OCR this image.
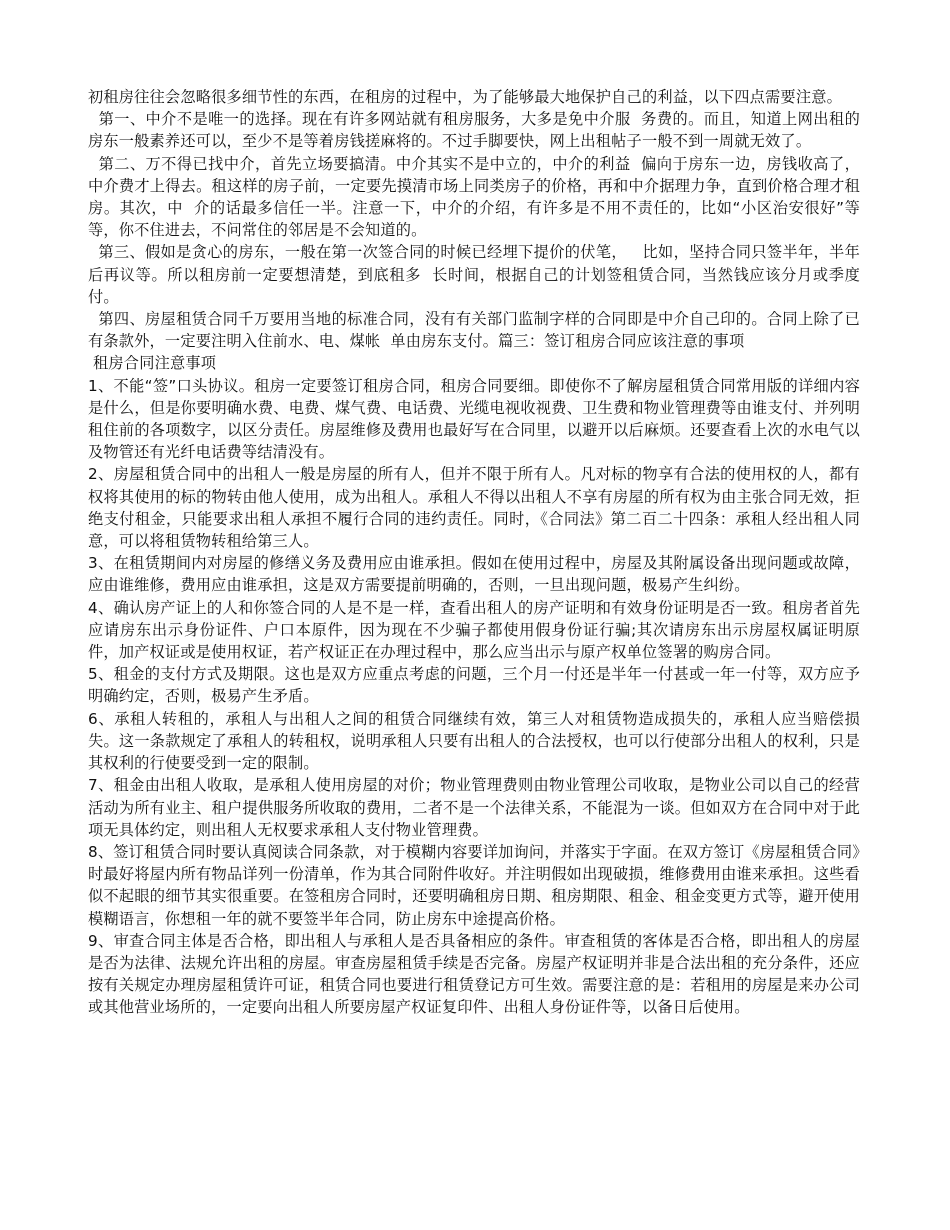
初租房往往会忽略很多细节性的东西，在租房的过程中，为了能够最大地保护自己的利益，以下四点需要注意。

第一、中介不是唯一的选择。现在有许多网站就有租房服务，大多是免中介服  务费的。而且，知道上网出租的房东一般素养还可以，至少不是等着房钱搓麻将的。不过手脚要快，网上出租帖子一般不到一周就无效了。

第二、万不得已找中介，首先立场要搞清。中介其实不是中立的，中介的利益  偏向于房东一边，房钱收高了，中介费才上得去。租这样的房子前，一定要先摸清市场上同类房子的价格，再和中介据理力争，直到价格合理才租房。其次，中  介的话最多信任一半。注意一下，中介的介绍，有许多是不用不责任的，比如“小区治安很好”等等，你不住进去，不问常住的邻居是不会知道的。

第三、假如是贪心的房东，一般在第一次签合同的时候已经埋下提价的伏笔，   比如，坚持合同只签半年，半年后再议等。所以租房前一定要想清楚，到底租多  长时间，根据自己的计划签租赁合同，当然钱应该分月或季度付。

第四、房屋租赁合同千万要用当地的标准合同，没有有关部门监制字样的合同即是中介自己印的。合同上除了已有条款外，一定要注明入住前水、电、煤帐  单由房东支付。篇三：签订租房合同应该注意的事项

租房合同注意事项

1、不能“签”口头协议。租房一定要签订租房合同，租房合同要细。即使你不了解房屋租赁合同常用版的详细内容是什么，但是你要明确水费、电费、煤气费、电话费、光缆电视收视费、卫生费和物业管理费等由谁支付、并列明租住前的各项数字，以区分责任。房屋维修及费用也最好写在合同里，以避开以后麻烦。还要查看上次的水电气以及物管还有光纤电话费等结清没有。

2、房屋租赁合同中的出租人一般是房屋的所有人，但并不限于所有人。凡对标的物享有合法的使用权的人，都有权将其使用的标的物转由他人使用，成为出租人。承租人不得以出租人不享有房屋的所有权为由主张合同无效，拒绝支付租金，只能要求出租人承担不履行合同的违约责任。同时，《合同法》第二百二十四条：承租人经出租人同意，可以将租赁物转租给第三人。

3、在租赁期间内对房屋的修缮义务及费用应由谁承担。假如在使用过程中，房屋及其附属设备出现问题或故障，应由谁维修，费用应由谁承担，这是双方需要提前明确的，否则，一旦出现问题，极易产生纠纷。

4、确认房产证上的人和你签合同的人是不是一样，查看出租人的房产证明和有效身份证明是否一致。租房者首先应请房东出示身份证件、户口本原件，因为现在不少骗子都使用假身份证行骗;其次请房东出示房屋权属证明原件，加产权证或是使用权证，若产权证正在办理过程中，那么应当出示与原产权单位签署的购房合同。

5、租金的支付方式及期限。这也是双方应重点考虑的问题，三个月一付还是半年一付甚或一年一付等，双方应予明确约定，否则，极易产生矛盾。

6、承租人转租的，承租人与出租人之间的租赁合同继续有效，第三人对租赁物造成损失的，承租人应当赔偿损失。这一条款规定了承租人的转租权，说明承租人只要有出租人的合法授权，也可以行使部分出租人的权利，只是其权利的行使要受到一定的限制。

7、租金由出租人收取，是承租人使用房屋的对价；物业管理费则由物业管理公司收取，是物业公司以自己的经营活动为所有业主、租户提供服务所收取的费用，二者不是一个法律关系，不能混为一谈。但如双方在合同中对于此项无具体约定，则出租人无权要求承租人支付物业管理费。

8、签订租赁合同时要认真阅读合同条款，对于模糊内容要详加询问，并落实于字面。在双方签订《房屋租赁合同》时最好将屋内所有物品详列一份清单，作为其合同附件收好。并注明假如出现破损，维修费用由谁来承担。这些看似不起眼的细节其实很重要。在签租房合同时，还要明确租房日期、租房期限、租金、租金变更方式等，避开使用模糊语言，你想租一年的就不要签半年合同，防止房东中途提高价格。

9、审查合同主体是否合格，即出租人与承租人是否具备相应的条件。审查租赁的客体是否合格，即出租人的房屋是否为法律、法规允许出租的房屋。审查房屋租赁手续是否完备。房屋产权证明并非是合法出租的充分条件，还应按有关规定办理房屋租赁许可证，租赁合同也要进行租赁登记方可生效。需要注意的是：若租用的房屋是来办公司或其他营业场所的，一定要向出租人所要房屋产权证复印件、出租人身份证件等，以备日后使用。
